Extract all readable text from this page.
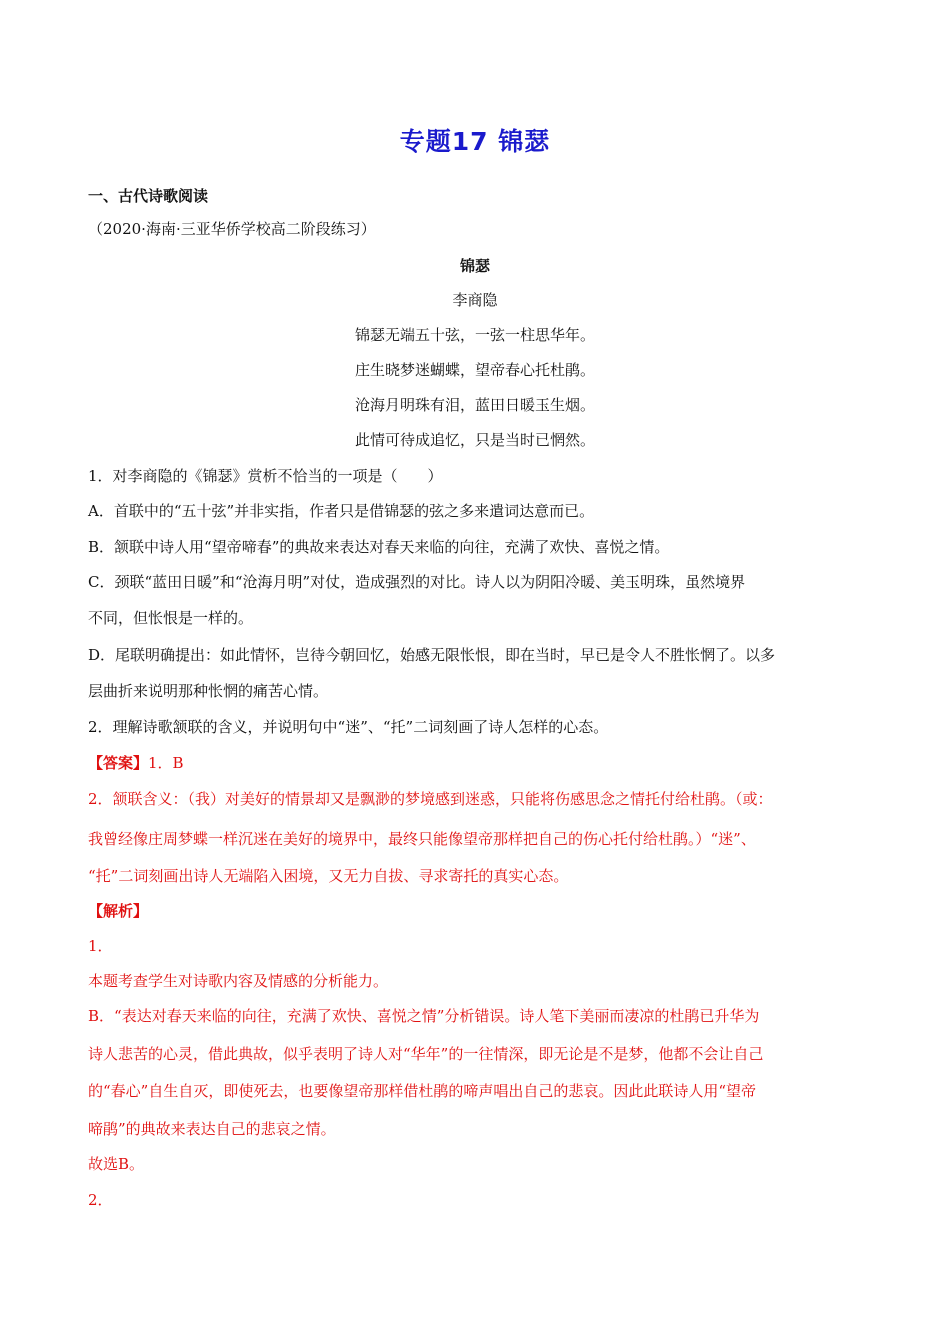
专题17 锦瑟
一、古代诗歌阅读
（2020·海南·三亚华侨学校高二阶段练习）
锦瑟
李商隐
锦瑟无端五十弦，一弦一柱思华年。
庄生晓梦迷蝴蝶，望帝春心托杜鹃。
沧海月明珠有泪，蓝田日暖玉生烟。
此情可待成追忆，只是当时已惘然。
1．对李商隐的《锦瑟》赏析不恰当的一项是（　　）
A．首联中的“五十弦”并非实指，作者只是借锦瑟的弦之多来遣词达意而已。
B．颔联中诗人用“望帝啼春”的典故来表达对春天来临的向往，充满了欢快、喜悦之情。
C．颈联“蓝田日暖”和“沧海月明”对仗，造成强烈的对比。诗人以为阴阳冷暖、美玉明珠，虽然境界
不同，但怅恨是一样的。
D．尾联明确提出：如此情怀，岂待今朝回忆，始感无限怅恨，即在当时，早已是令人不胜怅惘了。以多
层曲折来说明那种怅惘的痛苦心情。
2．理解诗歌颔联的含义，并说明句中“迷”、“托”二词刻画了诗人怎样的心态。
【答案】1．B
2．颔联含义：（我）对美好的情景却又是飘渺的梦境感到迷惑，只能将伤感思念之情托付给杜鹃。（或：
我曾经像庄周梦蝶一样沉迷在美好的境界中，最终只能像望帝那样把自己的伤心托付给杜鹃。）“迷”、
“托”二词刻画出诗人无端陷入困境，又无力自拔、寻求寄托的真实心态。
【解析】
1．
本题考查学生对诗歌内容及情感的分析能力。
B．“表达对春天来临的向往，充满了欢快、喜悦之情”分析错误。诗人笔下美丽而凄凉的杜鹃已升华为
诗人悲苦的心灵，借此典故，似乎表明了诗人对“华年”的一往情深，即无论是不是梦，他都不会让自己
的“春心”自生自灭，即使死去，也要像望帝那样借杜鹃的啼声唱出自己的悲哀。因此此联诗人用“望帝
啼鹃”的典故来表达自己的悲哀之情。
故选B。
2．
